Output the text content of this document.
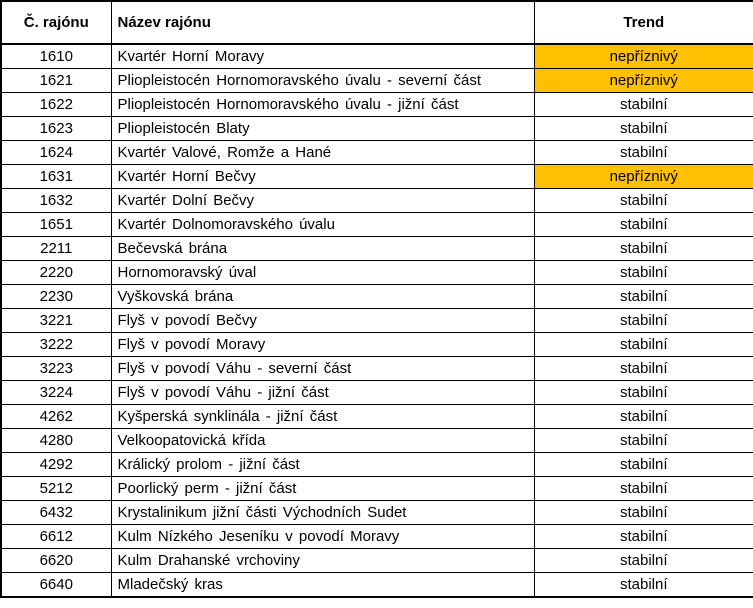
Č. rajónu	Název rajónu	Trend
1610	Kvartér Horní Moravy	nepříznivý
1621	Pliopleistocén Hornomoravského úvalu - severní část	nepříznivý
1622	Pliopleistocén Hornomoravského úvalu - jižní část	stabilní
1623	Pliopleistocén Blaty	stabilní
1624	Kvartér Valové, Romže a Hané	stabilní
1631	Kvartér Horní Bečvy	nepříznivý
1632	Kvartér Dolní Bečvy	stabilní
1651	Kvartér Dolnomoravského úvalu	stabilní
2211	Bečevská brána	stabilní
2220	Hornomoravský úval	stabilní
2230	Vyškovská brána	stabilní
3221	Flyš v povodí Bečvy	stabilní
3222	Flyš v povodí Moravy	stabilní
3223	Flyš v povodí Váhu - severní část	stabilní
3224	Flyš v povodí Váhu - jižní část	stabilní
4262	Kyšperská synklinála - jižní část	stabilní
4280	Velkoopatovická křída	stabilní
4292	Králický prolom - jižní část	stabilní
5212	Poorlický perm - jižní část	stabilní
6432	Krystalinikum jižní části Východních Sudet	stabilní
6612	Kulm Nízkého Jeseníku v povodí Moravy	stabilní
6620	Kulm Drahanské vrchoviny	stabilní
6640	Mladečský kras	stabilní
